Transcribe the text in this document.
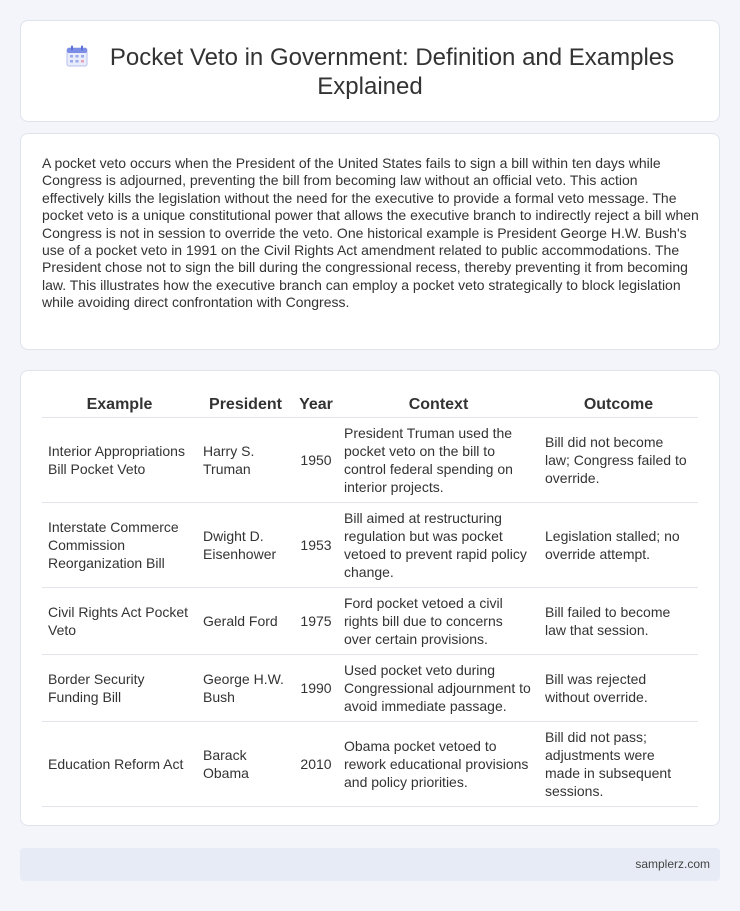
Pocket Veto in Government: Definition and Examples Explained

A pocket veto occurs when the President of the United States fails to sign a bill within ten days while Congress is adjourned, preventing the bill from becoming law without an official veto. This action effectively kills the legislation without the need for the executive to provide a formal veto message. The pocket veto is a unique constitutional power that allows the executive branch to indirectly reject a bill when Congress is not in session to override the veto. One historical example is President George H.W. Bush's use of a pocket veto in 1991 on the Civil Rights Act amendment related to public accommodations. The President chose not to sign the bill during the congressional recess, thereby preventing it from becoming law. This illustrates how the executive branch can employ a pocket veto strategically to block legislation while avoiding direct confrontation with Congress.

Example	President	Year	Context	Outcome
Interior Appropriations Bill Pocket Veto	Harry S. Truman	1950	President Truman used the pocket veto on the bill to control federal spending on interior projects.	Bill did not become law; Congress failed to override.
Interstate Commerce Commission Reorganization Bill	Dwight D. Eisenhower	1953	Bill aimed at restructuring regulation but was pocket vetoed to prevent rapid policy change.	Legislation stalled; no override attempt.
Civil Rights Act Pocket Veto	Gerald Ford	1975	Ford pocket vetoed a civil rights bill due to concerns over certain provisions.	Bill failed to become law that session.
Border Security Funding Bill	George H.W. Bush	1990	Used pocket veto during Congressional adjournment to avoid immediate passage.	Bill was rejected without override.
Education Reform Act	Barack Obama	2010	Obama pocket vetoed to rework educational provisions and policy priorities.	Bill did not pass; adjustments were made in subsequent sessions.
samplerz.com
